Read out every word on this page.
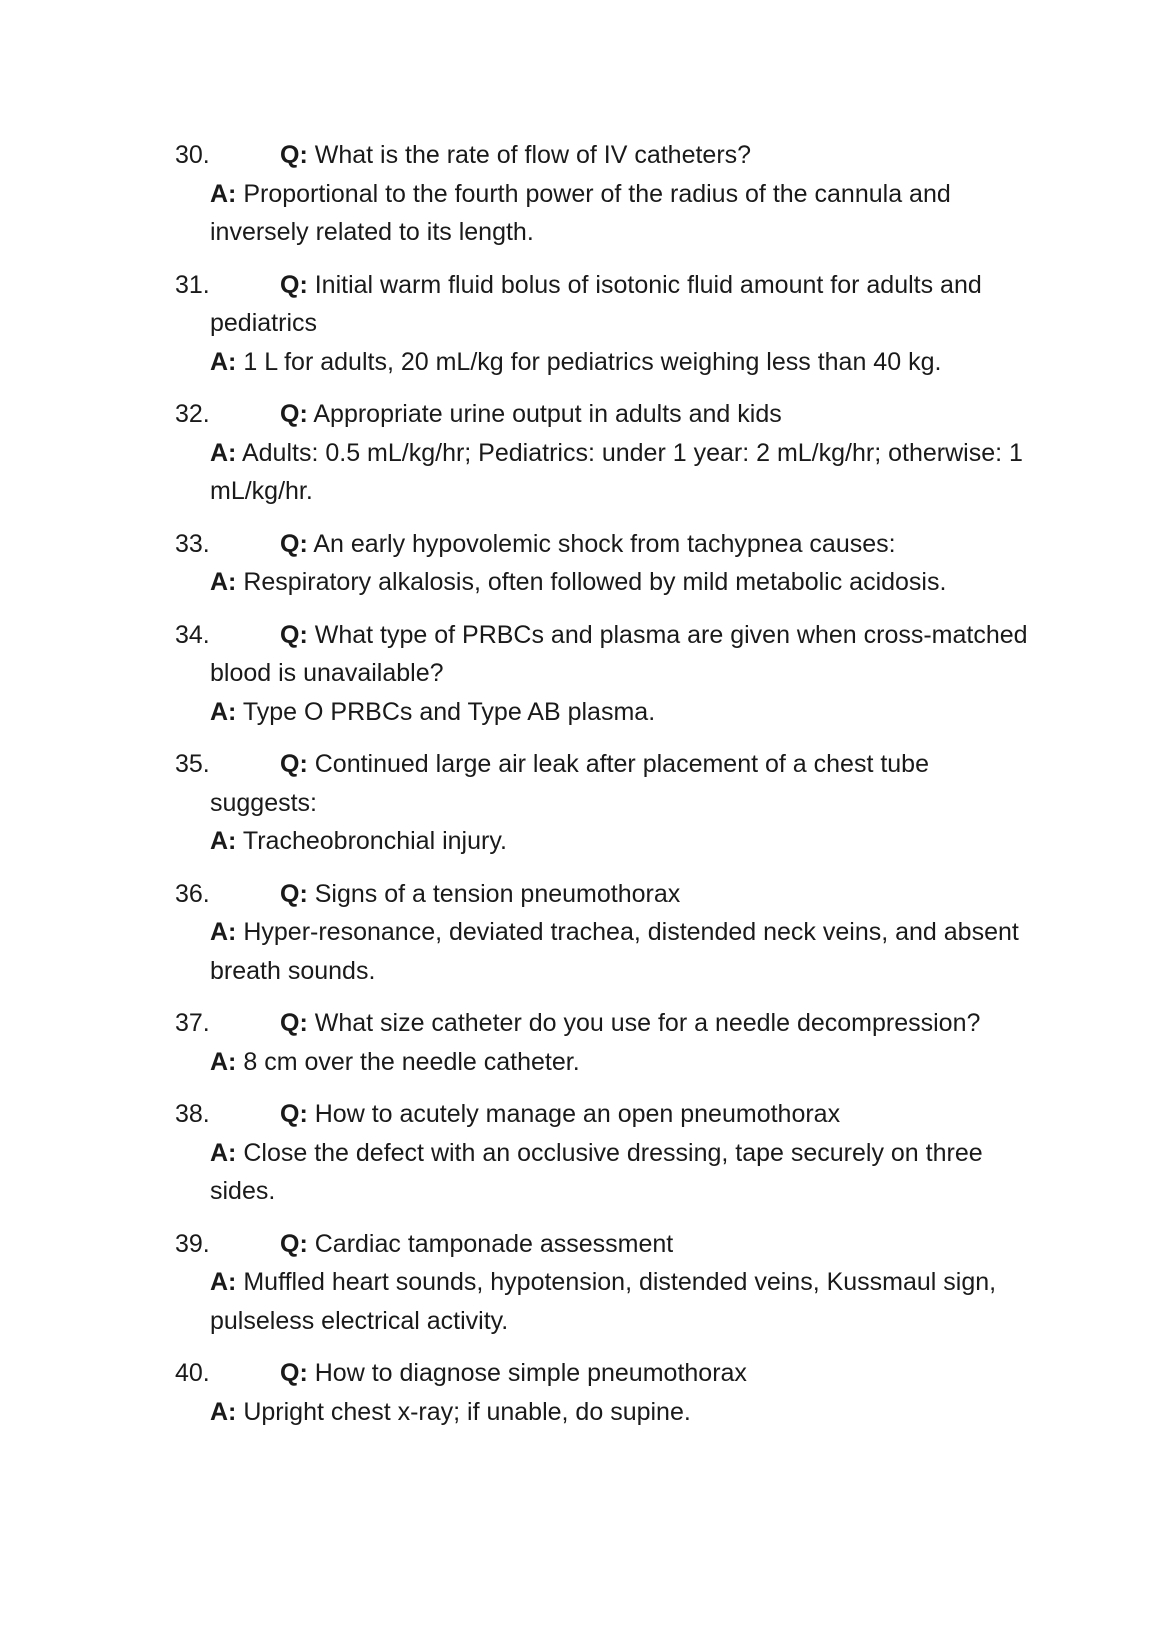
30.	Q: What is the rate of flow of IV catheters?
A: Proportional to the fourth power of the radius of the cannula and inversely related to its length.
31.	Q: Initial warm fluid bolus of isotonic fluid amount for adults and pediatrics
A: 1 L for adults, 20 mL/kg for pediatrics weighing less than 40 kg.
32.	Q: Appropriate urine output in adults and kids
A: Adults: 0.5 mL/kg/hr; Pediatrics: under 1 year: 2 mL/kg/hr; otherwise: 1 mL/kg/hr.
33.	Q: An early hypovolemic shock from tachypnea causes:
A: Respiratory alkalosis, often followed by mild metabolic acidosis.
34.	Q: What type of PRBCs and plasma are given when cross-matched blood is unavailable?
A: Type O PRBCs and Type AB plasma.
35.	Q: Continued large air leak after placement of a chest tube suggests:
A: Tracheobronchial injury.
36.	Q: Signs of a tension pneumothorax
A: Hyper-resonance, deviated trachea, distended neck veins, and absent breath sounds.
37.	Q: What size catheter do you use for a needle decompression?
A: 8 cm over the needle catheter.
38.	Q: How to acutely manage an open pneumothorax
A: Close the defect with an occlusive dressing, tape securely on three sides.
39.	Q: Cardiac tamponade assessment
A: Muffled heart sounds, hypotension, distended veins, Kussmaul sign, pulseless electrical activity.
40.	Q: How to diagnose simple pneumothorax
A: Upright chest x-ray; if unable, do supine.
